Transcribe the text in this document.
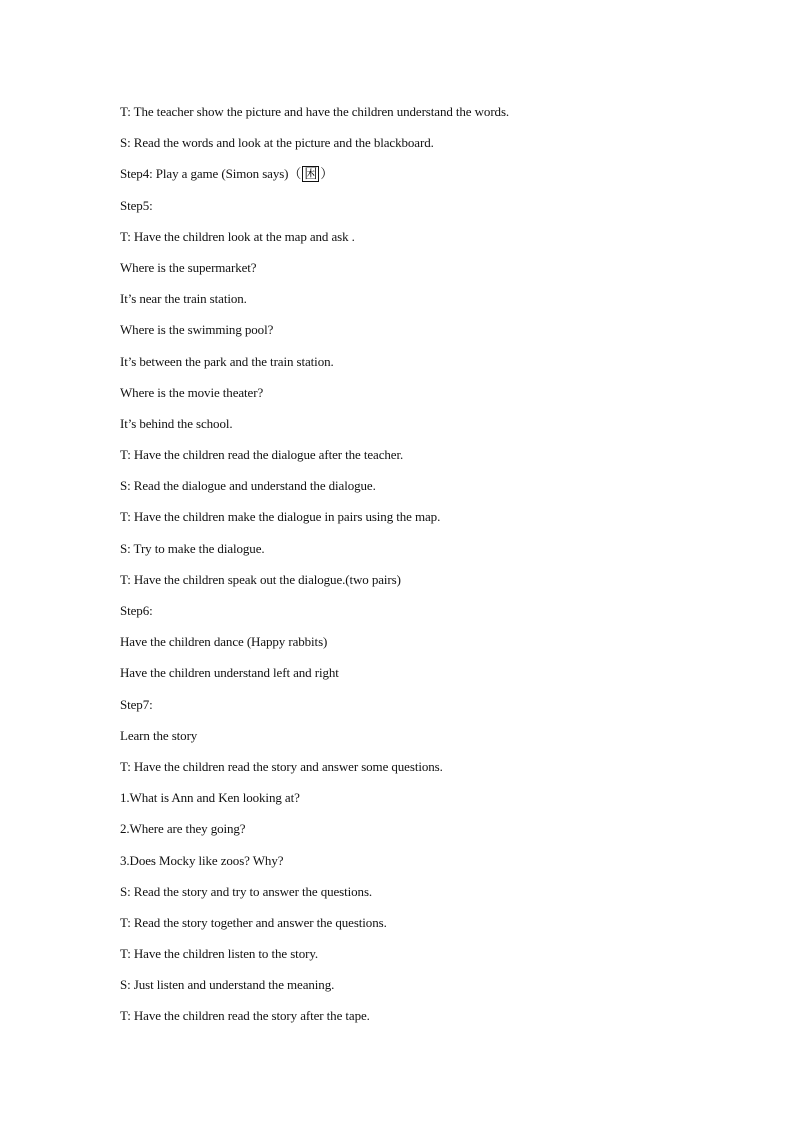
T: The teacher show the picture and have the children understand the words.
S: Read the words and look at the picture and the blackboard.
Step4: Play a game (Simon says)（ 困 ）
Step5:
T: Have the children look at the map and ask .
Where is the supermarket?
It’s near the train station.
Where is the swimming pool?
It’s between the park and the train station.
Where is the movie theater?
It’s behind the school.
T: Have the children read the dialogue after the teacher.
S: Read the dialogue and understand the dialogue.
T: Have the children make the dialogue in pairs using the map.
S: Try to make the dialogue.
T: Have the children speak out the dialogue.(two pairs)
Step6:
Have the children dance (Happy rabbits)
Have the children understand left and right
Step7:
Learn the story
T: Have the children read the story and answer some questions.
1.What is Ann and Ken looking at?
2.Where are they going?
3.Does Mocky like zoos? Why?
S: Read the story and try to answer the questions.
T: Read the story together and answer the questions.
T: Have the children listen to the story.
S: Just listen and understand the meaning.
T: Have the children read the story after the tape.
